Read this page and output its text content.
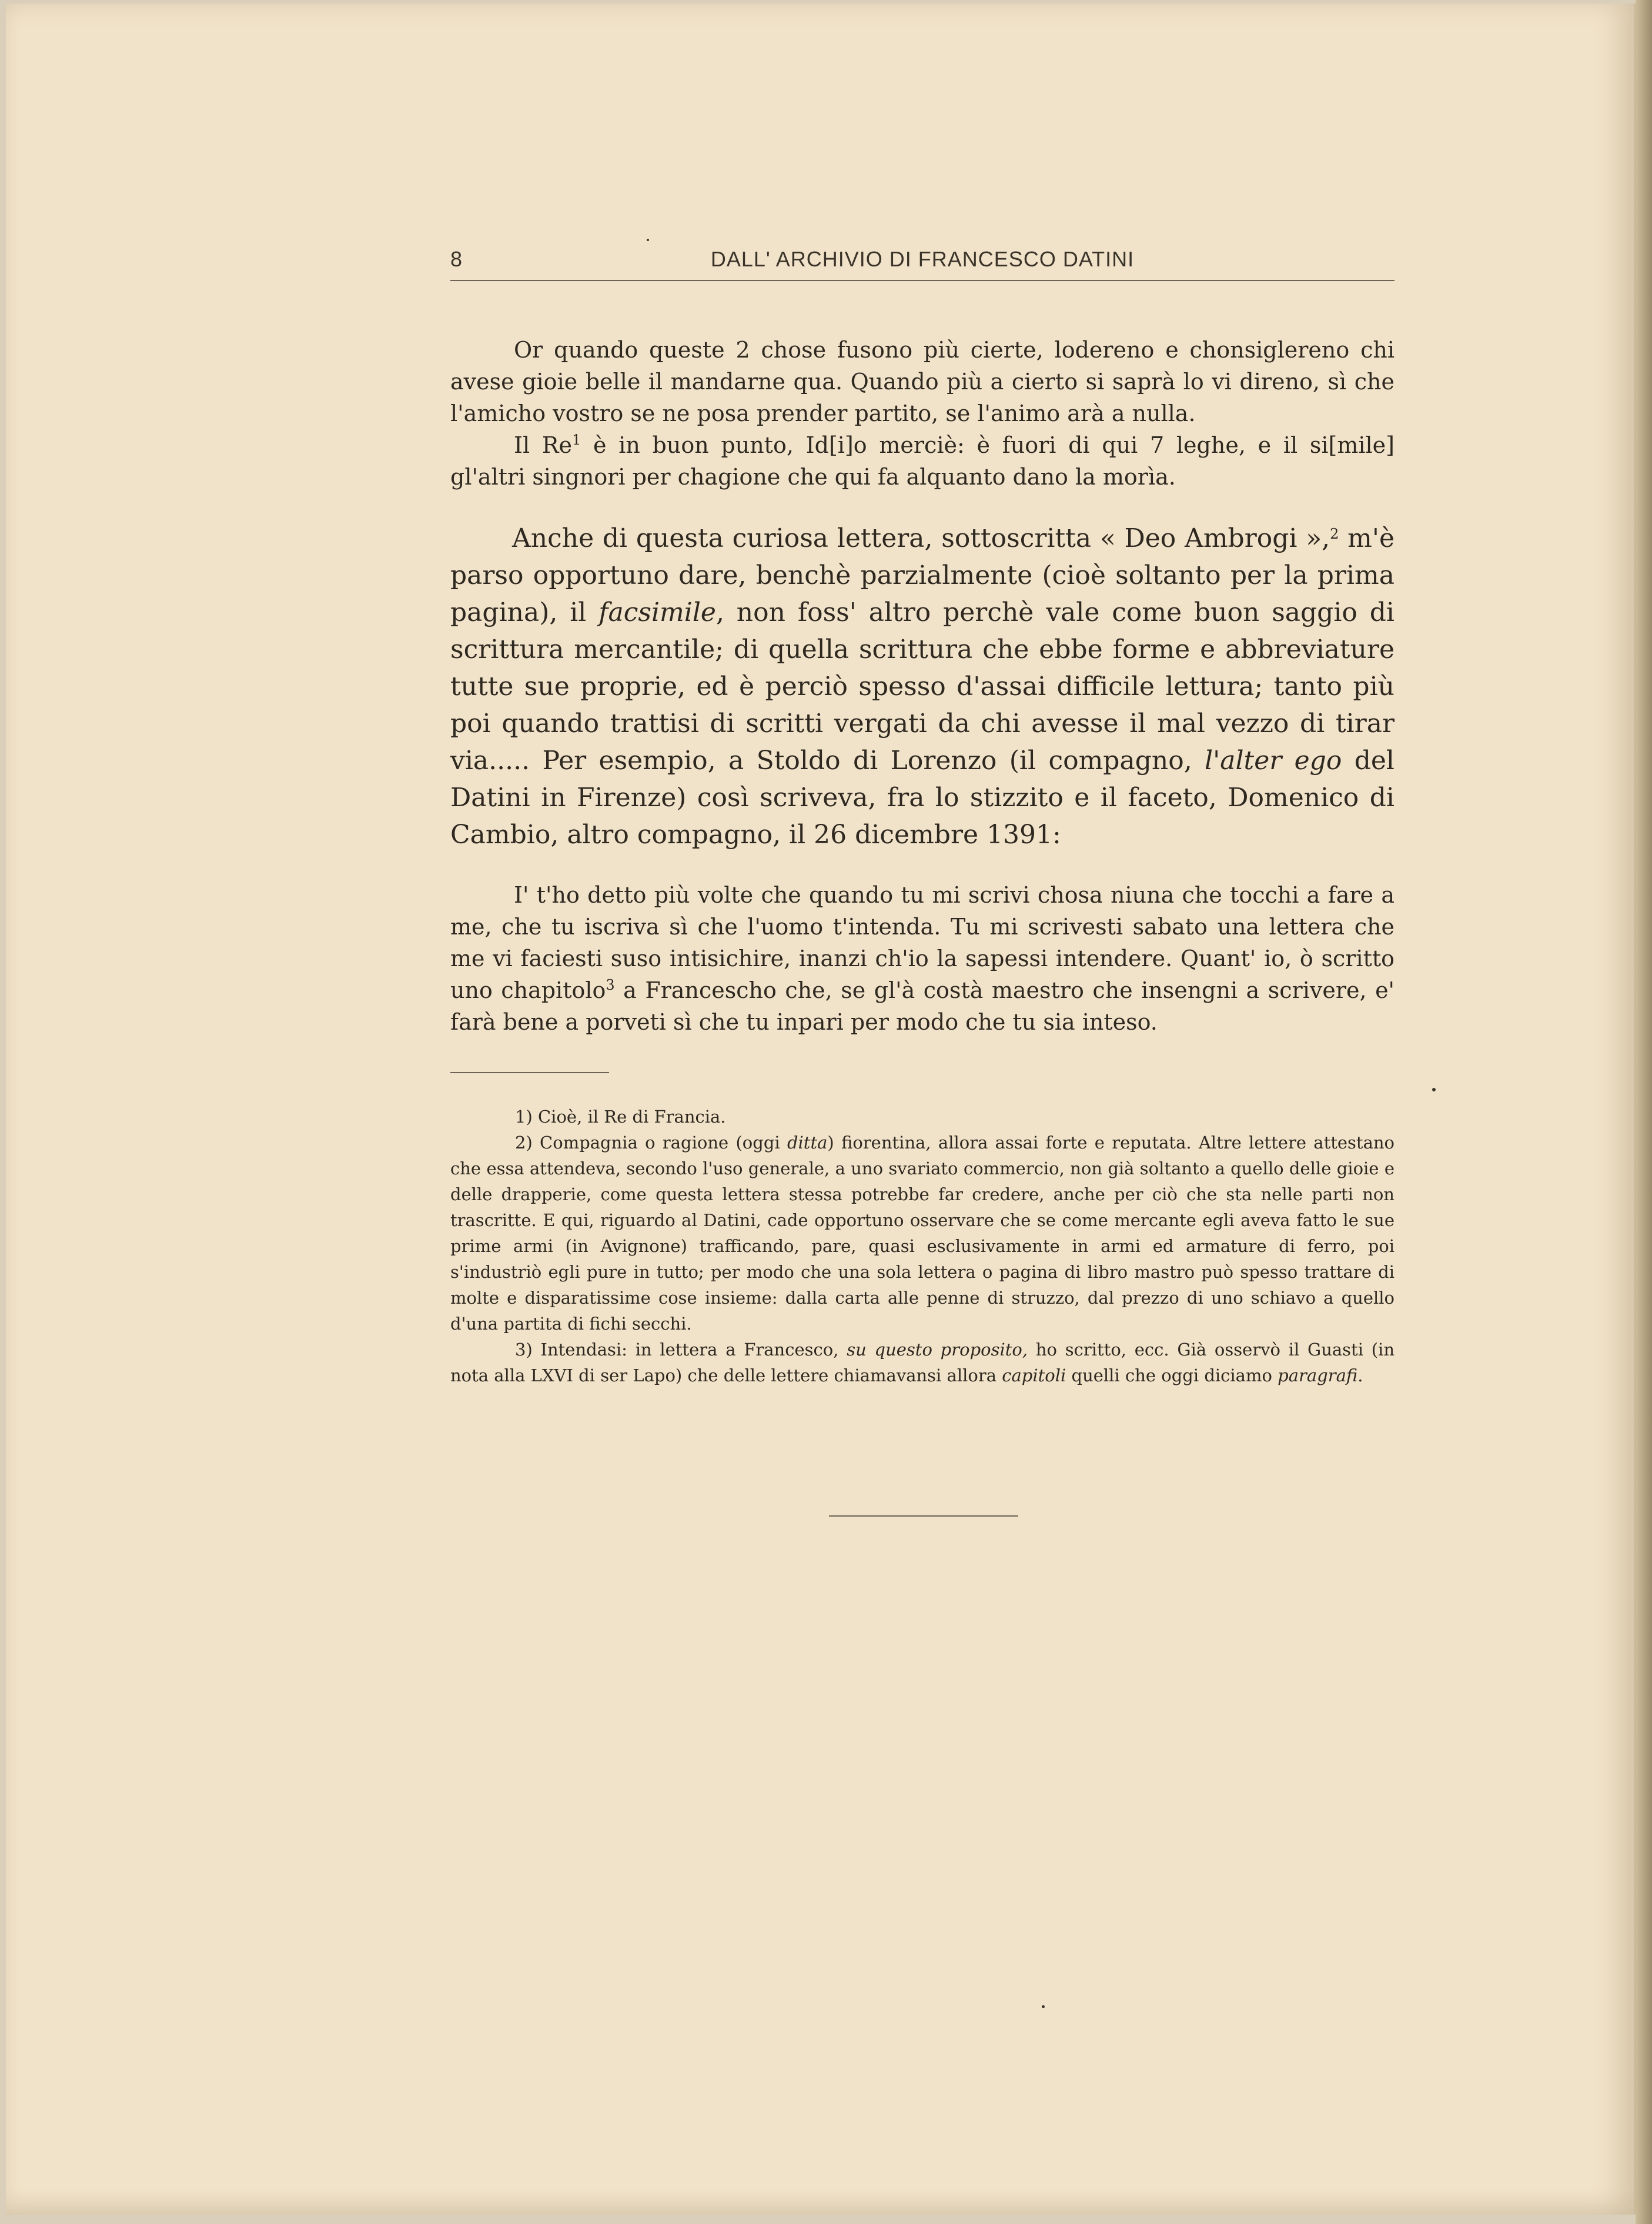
8	DALL' ARCHIVIO DI FRANCESCO DATINI

Or quando queste 2 chose fusono più cierte, lodereno e chonsiglereno chi avese gioie belle il mandarne qua. Quando più a cierto si saprà lo vi direno, sì che l'amicho vostro se ne posa prender partito, se l'animo arà a nulla.

Il Re$^1$ è in buon punto, Id[i]o merciè: è fuori di qui 7 leghe, e il si[mile] gl'altri singnori per chagione che qui fa alquanto dano la morìa.

Anche di questa curiosa lettera, sottoscritta « Deo Ambrogi »,$^2$ m'è parso opportuno dare, benchè parzialmente (cioè soltanto per la prima pagina), il facsimile, non foss' altro perchè vale come buon saggio di scrittura mercantile; di quella scrittura che ebbe forme e abbreviature tutte sue proprie, ed è perciò spesso d'assai difficile lettura; tanto più poi quando trattisi di scritti vergati da chi avesse il mal vezzo di tirar via..... Per esempio, a Stoldo di Lorenzo (il compagno, l'alter ego del Datini in Firenze) così scriveva, fra lo stizzito e il faceto, Domenico di Cambio, altro compagno, il 26 dicembre 1391:

I' t'ho detto più volte che quando tu mi scrivi chosa niuna che tocchi a fare a me, che tu iscriva sì che l'uomo t'intenda. Tu mi scrivesti sabato una lettera che me vi faciesti suso intisichire, inanzi ch'io la sapessi intendere. Quant' io, ò scritto uno chapitolo$^3$ a Franceschо che, se gl'à costà maestro che insengni a scrivere, e' farà bene a porveti sì che tu inpari per modo che tu sia inteso.

1) Cioè, il Re di Francia.

2) Compagnia o ragione (oggi ditta) fiorentina, allora assai forte e reputata. Altre lettere attestano che essa attendeva, secondo l'uso generale, a uno svariato commercio, non già soltanto a quello delle gioie e delle drapperie, come questa lettera stessa potrebbe far credere, anche per ciò che sta nelle parti non trascritte. E qui, riguardo al Datini, cade opportuno osservare che se come mercante egli aveva fatto le sue prime armi (in Avignone) trafficando, pare, quasi esclusivamente in armi ed armature di ferro, poi s'industriò egli pure in tutto; per modo che una sola lettera o pagina di libro mastro può spesso trattare di molte e disparatissime cose insieme: dalla carta alle penne di struzzo, dal prezzo di uno schiavo a quello d'una partita di fichi secchi.

3) Intendasi: in lettera a Francesco, su questo proposito, ho scritto, ecc. Già osservò il Guasti (in nota alla LXVI di ser Lapo) che delle lettere chiamavansi allora capitoli quelli che oggi diciamo paragrafi.
